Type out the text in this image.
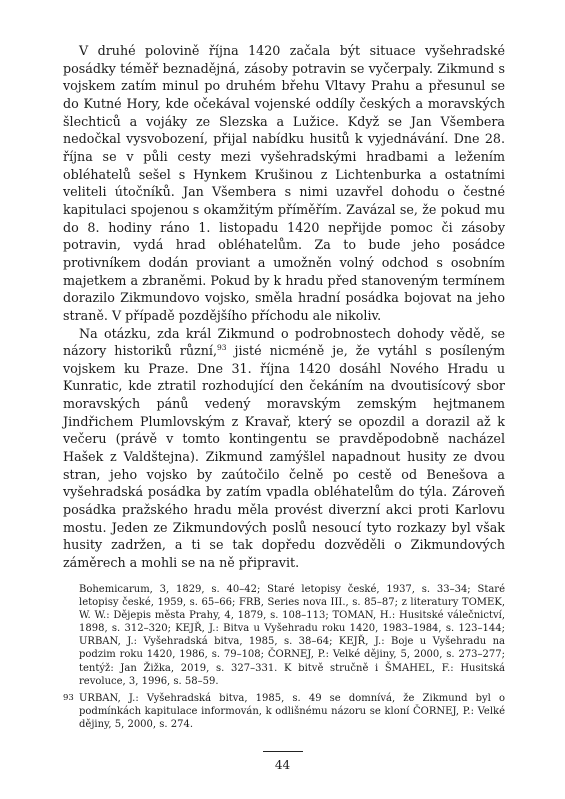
V druhé polovině října 1420 začala být situace vyšehradské posádky téměř beznadějná, zásoby potravin se vyčerpaly. Zikmund s vojskem zatím minul po druhém břehu Vltavy Prahu a přesunul se do Kutné Hory, kde očekával vojenské oddíly českých a moravských šlechticů a vojáky ze Slezska a Lužice. Když se Jan Všembera nedočkal vysvobození, přijal nabídku husitů k vyjednávání. Dne 28. října se v půli cesty mezi vyšehradskými hradbami a ležením obléhatelů sešel s Hynkem Krušinou z Lichtenburka a ostatními veliteli útočníků. Jan Všembera s nimi uzavřel dohodu o čestné kapitulaci spojenou s okamžitým příměřím. Zavázal se, že pokud mu do 8. hodiny ráno 1. listopadu 1420 nepřijde pomoc či zásoby potravin, vydá hrad obléhatelům. Za to bude jeho posádce protivníkem dodán proviant a umožněn volný odchod s osobním majetkem a zbraněmi. Pokud by k hradu před stanoveným termínem dorazilo Zikmundovo vojsko, směla hradní posádka bojovat na jeho straně. V případě pozdějšího příchodu ale nikoliv.

Na otázku, zda král Zikmund o podrobnostech dohody vědě, se názory historiků různí,$^{93}$ jisté nicméně je, že vytáhl s posíleným vojskem ku Praze. Dne 31. října 1420 dosáhl Nového Hradu u Kunratic, kde ztratil rozhodující den čekáním na dvoutisícový sbor moravských pánů vedený moravským zemským hejtmanem Jindřichem Plumlovským z Kravař, který se opozdil a dorazil až k večeru (právě v tomto kontingentu se pravděpodobně nacházel Hašek z Valdštejna). Zikmund zamýšlel napadnout husity ze dvou stran, jeho vojsko by zaútočilo čelně po cestě od Benešova a vyšehradská posádka by zatím vpadla obléhatelům do týla. Zároveň posádka pražského hradu měla provést diverzní akci proti Karlovu mostu. Jeden ze Zikmundových poslů nesoucí tyto rozkazy byl však husity zadržen, a ti se tak dopředu dozvěděli o Zikmundových záměrech a mohli se na ně připravit.

Bohemicarum, 3, 1829, s. 40–42; Staré letopisy české, 1937, s. 33–34; Staré letopisy české, 1959, s. 65–66; FRB, Series nova III., s. 85–87; z literatury TOMEK, W. W.: Dějepis města Prahy, 4, 1879, s. 108–113; TOMAN, H.: Husitské válečnictví, 1898, s. 312–320; KEJŘ, J.: Bitva u Vyšehradu roku 1420, 1983–1984, s. 123–144; URBAN, J.: Vyšehradská bitva, 1985, s. 38–64; KEJŘ, J.: Boje u Vyšehradu na podzim roku 1420, 1986, s. 79–108; ČORNEJ, P.: Velké dějiny, 5, 2000, s. 273–277; tentýž: Jan Žižka, 2019, s. 327–331. K bitvě stručně i ŠMAHEL, F.: Husitská revoluce, 3, 1996, s. 58–59.

93 URBAN, J.: Vyšehradská bitva, 1985, s. 49 se domnívá, že Zikmund byl o podmínkách kapitulace informován, k odlišnému názoru se kloní ČORNEJ, P.: Velké dějiny, 5, 2000, s. 274.
44
